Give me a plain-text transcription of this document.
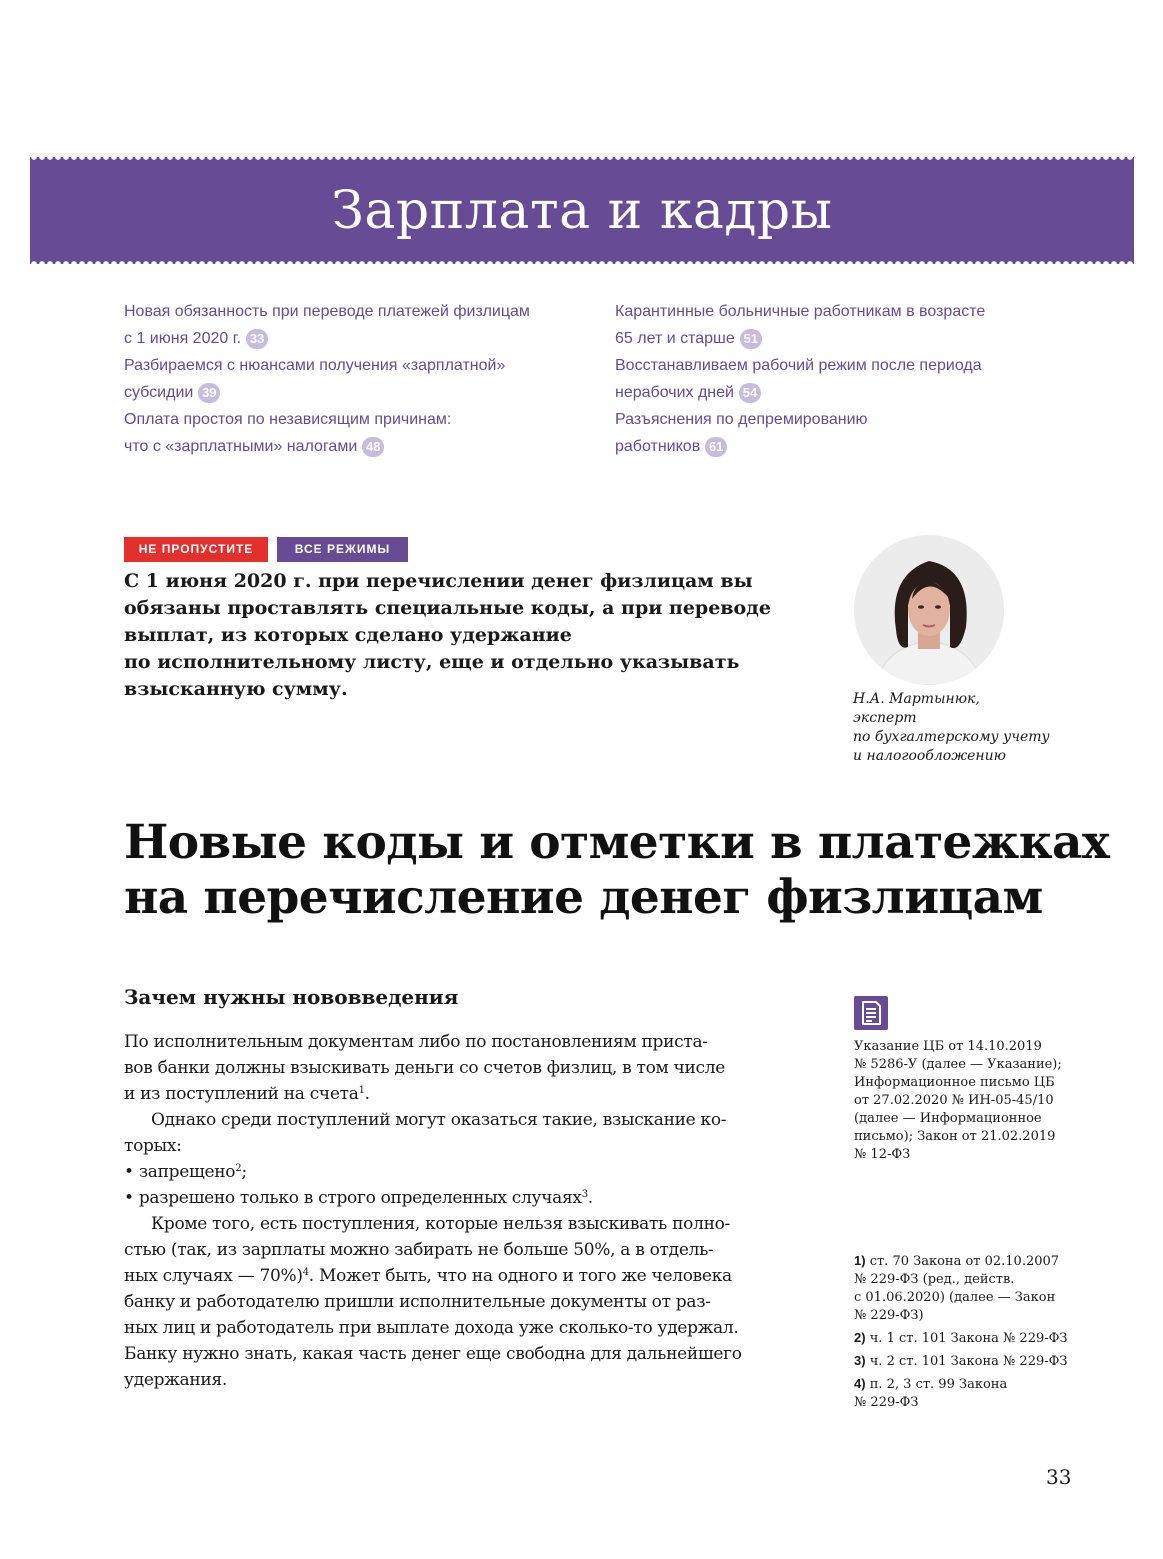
Зарплата и кадры
Новая обязанность при переводе платежей физлицам
с 1 июня 2020 г. 33
Разбираемся с нюансами получения «зарплатной»
субсидии 39
Оплата простоя по независящим причинам:
что с «зарплатными» налогами 48
Карантинные больничные работникам в возрасте
65 лет и старше 51
Восстанавливаем рабочий режим после периода
нерабочих дней 54
Разъяснения по депремированию
работников 61
НЕ ПРОПУСТИТЕ	ВСЕ РЕЖИМЫ
С 1 июня 2020 г. при перечислении денег физлицам вы
обязаны проставлять специальные коды, а при переводе
выплат, из которых сделано удержание
по исполнительному листу, еще и отдельно указывать
взысканную сумму.	Н.А. Мартынюк,
эксперт
по бухгалтерскому учету
и налогообложению
Новые коды и отметки в платежках
на перечисление денег физлицам
Зачем нужны нововведения
По исполнительным документам либо по постановлениям пристa-
вов банки должны взыскивать деньги со счетов физлиц, в том числе
и из поступлений на счета$^1$.
Однако среди поступлений могут оказаться такие, взыскание ко-
торых:
• запрещено$^2$;
• разрешено только в строго определенных случаях$^3$.
Кроме того, есть поступления, которые нельзя взыскивать полно-
стью (так, из зарплаты можно забирать не больше 50%, а в отдель-
ных случаях — 70%)$^4$. Может быть, что на одного и того же человека
банку и работодателю пришли исполнительные документы от раз-
ных лиц и работодатель при выплате дохода уже сколько-то удержал.
Банку нужно знать, какая часть денег еще свободна для дальнейшего
удержания.
Указание ЦБ от 14.10.2019
№ 5286-У (далее — Указание);
Информационное письмо ЦБ
от 27.02.2020 № ИН-05-45/10
(далее — Информационное
письмо); Закон от 21.02.2019
№ 12-ФЗ
1) ст. 70 Закона от 02.10.2007
№ 229-ФЗ (ред., действ.
с 01.06.2020) (далее — Закон
№ 229-ФЗ)
2) ч. 1 ст. 101 Закона № 229-ФЗ
3) ч. 2 ст. 101 Закона № 229-ФЗ
4) п. 2, 3 ст. 99 Закона
№ 229-ФЗ
33
